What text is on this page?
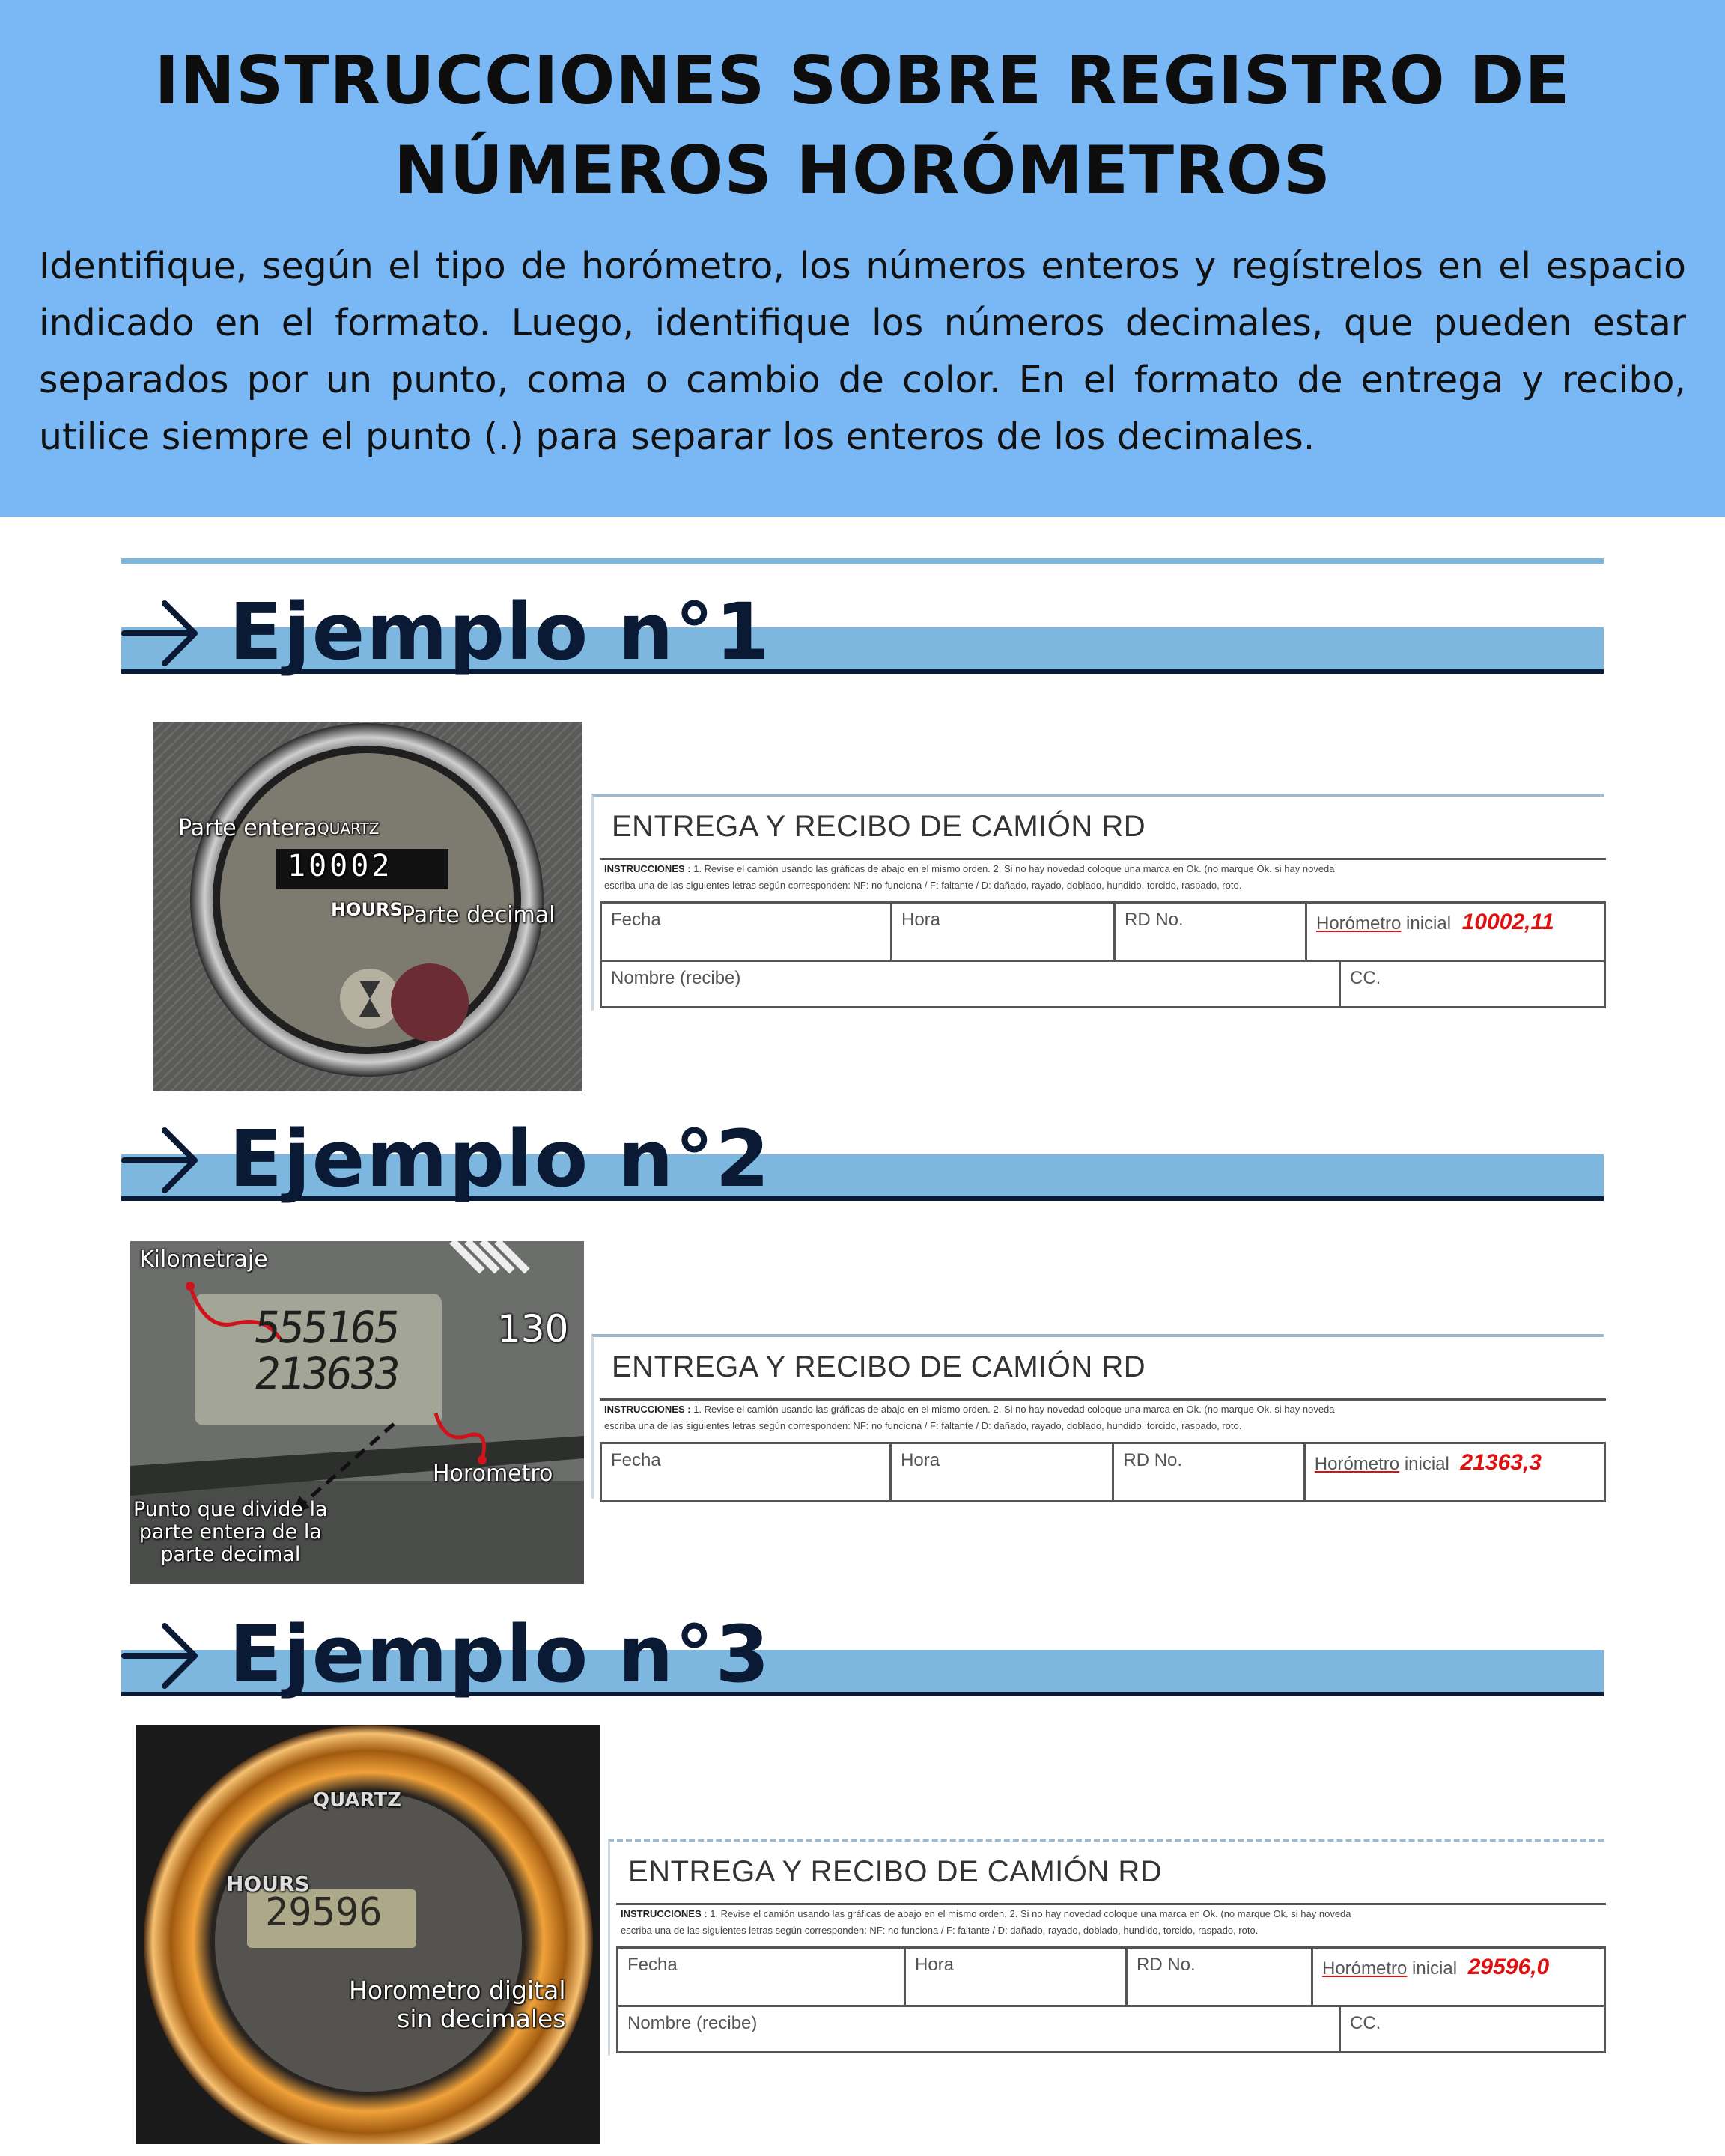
INSTRUCCIONES SOBRE REGISTRO DE
NÚMEROS HORÓMETROS

Identifique, según el tipo de horómetro, los números enteros y regístrelos en el espacio indicado en el formato. Luego, identifique los números decimales, que pueden estar separados por un punto, coma o cambio de color. En el formato de entrega y recibo, utilice siempre el punto (.) para separar los enteros de los decimales.

Ejemplo n°1
QUARTZ
10002
HOURS
Parte entera
Parte decimal
ENTREGA Y RECIBO DE CAMIÓN RD
INSTRUCCIONES : 1. Revise el camión usando las gráficas de abajo en el mismo orden. 2. Si no hay novedad coloque una marca en Ok. (no marque Ok. si hay noveda
escriba una de las siguientes letras según corresponden: NF: no funciona / F: faltante / D: dañado, rayado, doblado, hundido, torcido, raspado, roto.
Fecha	Hora	RD No.	Horómetro inicial 10002,11	
Nombre (recibe)				CC.
Ejemplo n°2
Kilometraje
555165
213633
130
Horometro
Punto que divide la
parte entera de la
parte decimal
ENTREGA Y RECIBO DE CAMIÓN RD
INSTRUCCIONES : 1. Revise el camión usando las gráficas de abajo en el mismo orden. 2. Si no hay novedad coloque una marca en Ok. (no marque Ok. si hay noveda
escriba una de las siguientes letras según corresponden: NF: no funciona / F: faltante / D: dañado, rayado, doblado, hundido, torcido, raspado, roto.
Fecha	Hora	RD No.	Horómetro inicial 21363,3
Ejemplo n°3
QUARTZ
HOURS
29596
Horometro digital
sin decimales
ENTREGA Y RECIBO DE CAMIÓN RD
INSTRUCCIONES : 1. Revise el camión usando las gráficas de abajo en el mismo orden. 2. Si no hay novedad coloque una marca en Ok. (no marque Ok. si hay noveda
escriba una de las siguientes letras según corresponden: NF: no funciona / F: faltante / D: dañado, rayado, doblado, hundido, torcido, raspado, roto.
Fecha	Hora	RD No.	Horómetro inicial 29596,0	
Nombre (recibe)				CC.
